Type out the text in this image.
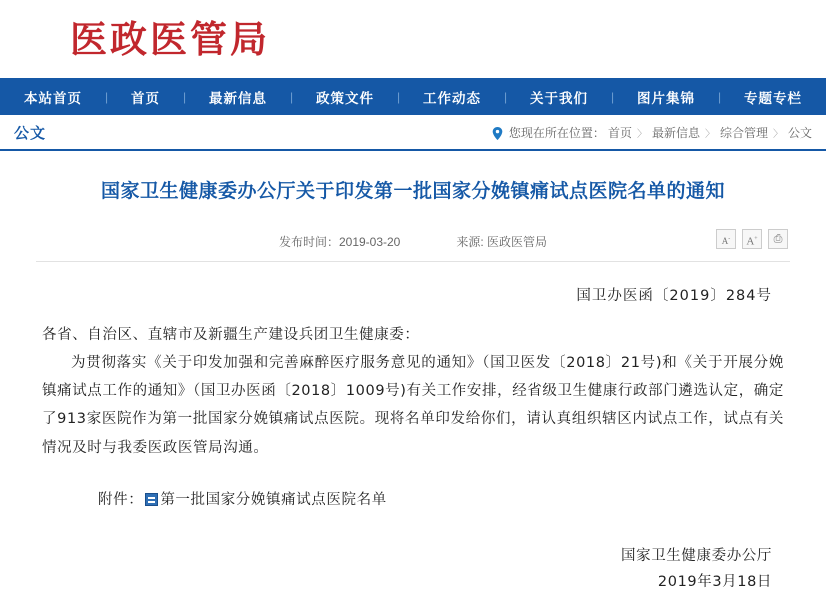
医政医管局
本站首页	|	首页	|	最新信息	|	政策文件	|	工作动态	|	关于我们	|	图片集锦	|	专题专栏
公文	您现在所在位置： 首页 〉 最新信息 〉 综合管理 〉 公文
国家卫生健康委办公厅关于印发第一批国家分娩镇痛试点医院名单的通知
发布时间：2019-03-20	来源: 医政医管局	A-	A+	⎙
国卫办医函〔2019〕284号

各省、自治区、直辖市及新疆生产建设兵团卫生健康委：

为贯彻落实《关于印发加强和完善麻醉医疗服务意见的通知》（国卫医发〔2018〕21号)和《关于开展分娩镇痛试点工作的通知》（国卫办医函〔2018〕1009号)有关工作安排，经省级卫生健康行政部门遴选认定，确定了913家医院作为第一批国家分娩镇痛试点医院。现将名单印发给你们，请认真组织辖区内试点工作，试点有关情况及时与我委医政医管局沟通。

附件： 第一批国家分娩镇痛试点医院名单
国家卫生健康委办公厅
2019年3月18日
